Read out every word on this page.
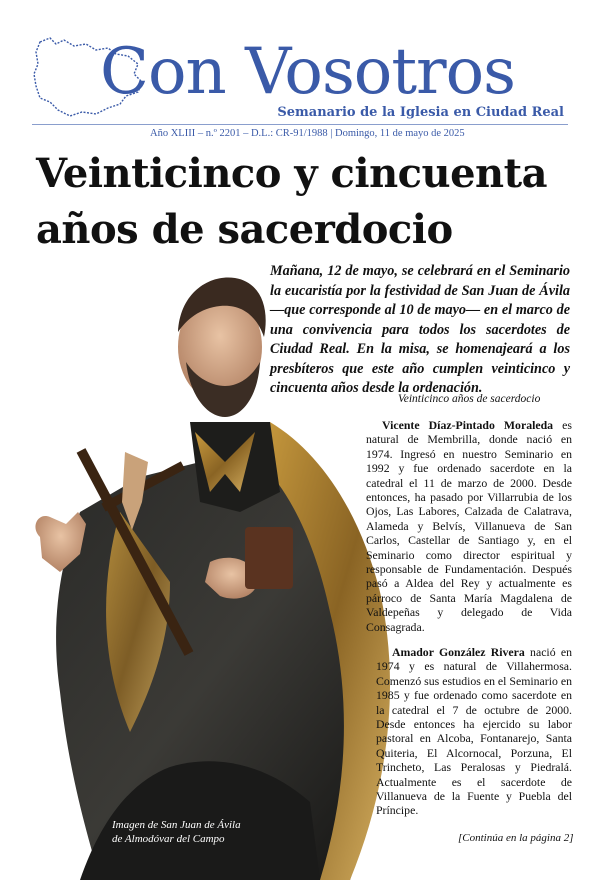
Con Vosotros
Semanario de la Iglesia en Ciudad Real
Año XLIII – n.º 2201 – D.L.: CR-91/1988 | Domingo, 11 de mayo de 2025
Veinticinco y cincuenta años de sacerdocio
Mañana, 12 de mayo, se celebrará en el Seminario la eucaristía por la festividad de San Juan de Ávila —que corresponde al 10 de mayo— en el marco de una convivencia para todos los sacerdotes de Ciudad Real. En la misa, se homenajeará a los presbíteros que este año cumplen veinticinco y cincuenta años desde la ordenación.
Imagen de San Juan de Ávila
de Almodóvar del Campo
Veinticinco años de sacerdocio

Vicente Díaz-Pintado Moraleda es natural de Membrilla, donde nació en 1974. Ingresó en nuestro Seminario en 1992 y fue ordenado sacerdote en la catedral el 11 de marzo de 2000. Desde entonces, ha pasado por Villarrubia de los Ojos, Las Labores, Calzada de Calatrava, Alameda y Belvís, Villanueva de San Carlos, Castellar de Santiago y, en el Seminario como director espiritual y responsable de Fundamentación. Después pasó a Aldea del Rey y actualmente es párroco de Santa María Magdalena de Valdepeñas y delegado de Vida Consagrada.

Amador González Rivera nació en 1974 y es natural de Villahermosa. Comenzó sus estudios en el Seminario en 1985 y fue ordenado como sacerdote en la catedral el 7 de octubre de 2000. Desde entonces ha ejercido su labor pastoral en Alcoba, Fontanarejo, Santa Quiteria, El Alcornocal, Porzuna, El Trincheto, Las Peralosas y Piedralá. Actualmente es el sacerdote de Villanueva de la Fuente y Puebla del Príncipe.

[Continúa en la página 2]
